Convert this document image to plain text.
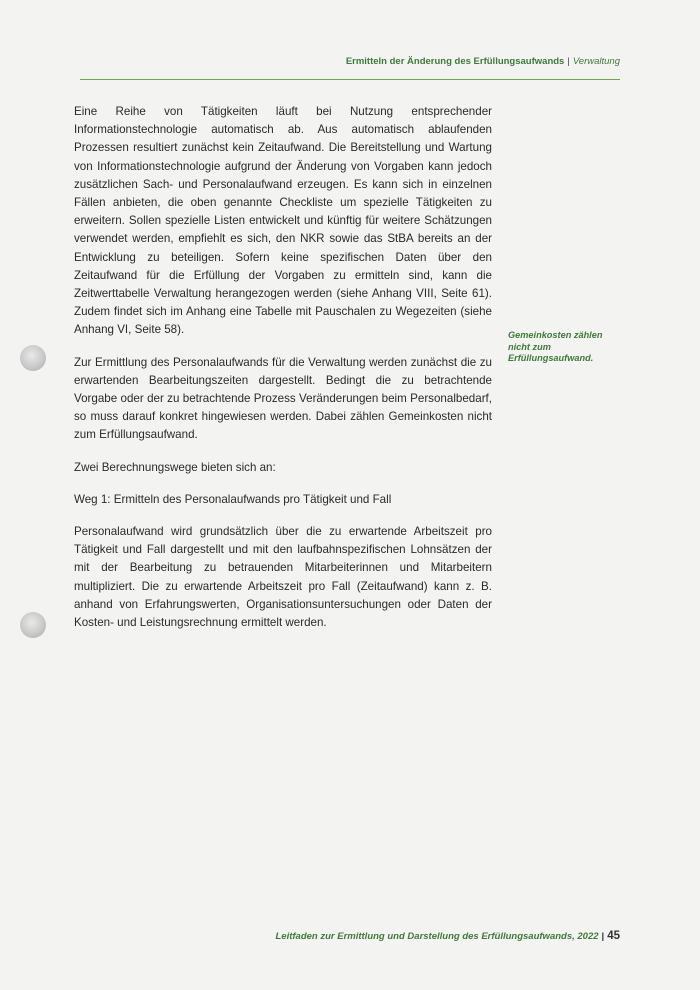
Ermitteln der Änderung des Erfüllungsaufwands | Verwaltung

Eine Reihe von Tätigkeiten läuft bei Nutzung entsprechender Informationstechnologie automatisch ab. Aus automatisch ablaufenden Prozessen resultiert zunächst kein Zeitaufwand. Die Bereitstellung und Wartung von Informationstechnologie aufgrund der Änderung von Vorgaben kann jedoch zusätzlichen Sach- und Personalaufwand erzeugen. Es kann sich in einzelnen Fällen anbieten, die oben genannte Checkliste um spezielle Tätigkeiten zu erweitern. Sollen spezielle Listen entwickelt und künftig für weitere Schätzungen verwendet werden, empfiehlt es sich, den NKR sowie das StBA bereits an der Entwicklung zu beteiligen. Sofern keine spezifischen Daten über den Zeitaufwand für die Erfüllung der Vorgaben zu ermitteln sind, kann die Zeitwerttabelle Verwaltung herangezogen werden (siehe Anhang VIII, Seite 61). Zudem findet sich im Anhang eine Tabelle mit Pauschalen zu Wegezeiten (siehe Anhang VI, Seite 58).

Zur Ermittlung des Personalaufwands für die Verwaltung werden zunächst die zu erwartenden Bearbeitungszeiten dargestellt. Bedingt die zu betrachtende Vorgabe oder der zu betrachtende Prozess Veränderungen beim Personalbedarf, so muss darauf konkret hingewiesen werden. Dabei zählen Gemeinkosten nicht zum Erfüllungsaufwand.

Zwei Berechnungswege bieten sich an:

Weg 1: Ermitteln des Personalaufwands pro Tätigkeit und Fall

Personalaufwand wird grundsätzlich über die zu erwartende Arbeitszeit pro Tätigkeit und Fall dargestellt und mit den laufbahnspezifischen Lohnsätzen der mit der Bearbeitung zu betrauenden Mitarbeiterinnen und Mitarbeitern multipliziert. Die zu erwartende Arbeitszeit pro Fall (Zeitaufwand) kann z. B. anhand von Erfahrungswerten, Organisationsuntersuchungen oder Daten der Kosten- und Leistungsrechnung ermittelt werden.

Gemeinkosten zählen nicht zum Erfüllungsaufwand.
Leitfaden zur Ermittlung und Darstellung des Erfüllungsaufwands, 2022 | 45
